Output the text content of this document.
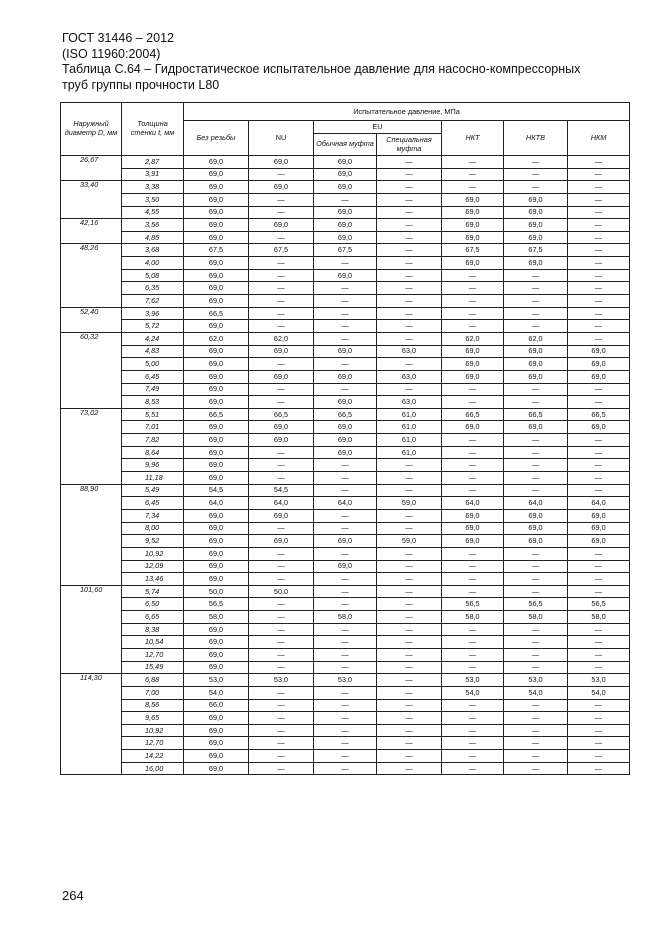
ГОСТ 31446 – 2012
(ISO 11960:2004)
Таблица С.64 – Гидростатическое испытательное давление для насосно-компрессорных
труб группы прочности L80
Наружный диаметр D, мм	Толщина стенки t, мм	Испытательное давление, МПа						
		Без резьбы	NU	EU		НКТ	НКТВ	НКМ
				Обычная муфта	Специальная муфта			
26,67	2,87	69,0	69,0	69,0	—	—	—	—
	3,91	69,0	—	69,0	—	—	—	—
33,40	3,38	69,0	69,0	69,0	—	—	—	—
	3,50	69,0	—	—	—	69,0	69,0	—
	4,55	69,0	—	69,0	—	69,0	69,0	—
42,16	3,56	69,0	69,0	69,0	—	69,0	69,0	—
	4,85	69,0	—	69,0	—	69,0	69,0	—
48,26	3,68	67,5	67,5	67,5	—	67,5	67,5	—
	4,00	69,0	—	—	—	69,0	69,0	—
	5,08	69,0	—	69,0	—	—	—	—
	6,35	69,0	—	—	—	—	—	—
	7,62	69,0	—	—	—	—	—	—
52,40	3,96	66,5	—	—	—	—	—	—
	5,72	69,0	—	—	—	—	—	—
60,32	4,24	62,0	62,0	—	—	62,0	62,0	—
	4,83	69,0	69,0	69,0	63,0	69,0	69,0	69,0
	5,00	69,0	—	—	—	69,0	69,0	69,0
	6,45	69,0	69,0	69,0	63,0	69,0	69,0	69,0
	7,49	69,0	—	—	—	—	—	—
	8,53	69,0	—	69,0	63,0	—	—	—
73,02	5,51	66,5	66,5	66,5	61,0	66,5	66,5	66,5
	7,01	69,0	69,0	69,0	61,0	69,0	69,0	69,0
	7,82	69,0	69,0	69,0	61,0	—	—	—
	8,64	69,0	—	69,0	61,0	—	—	—
	9,96	69,0	—	—	—	—	—	—
	11,18	69,0	—	—	—	—	—	—
88,90	5,49	54,5	54,5	—	—	—	—	—
	6,45	64,0	64,0	64,0	59,0	64,0	64,0	64,0
	7,34	69,0	69,0	—	—	69,0	69,0	69,0
	8,00	69,0	—	—	—	69,0	69,0	69,0
	9,52	69,0	69,0	69,0	59,0	69,0	69,0	69,0
	10,92	69,0	—	—	—	—	—	—
	12,09	69,0	—	69,0	—	—	—	—
	13,46	69,0	—	—	—	—	—	—
101,60	5,74	50,0	50,0	—	—	—	—	—
	6,50	56,5	—	—	—	56,5	56,5	56,5
	6,65	58,0	—	58,0	—	58,0	58,0	58,0
	8,38	69,0	—	—	—	—	—	—
	10,54	69,0	—	—	—	—	—	—
	12,70	69,0	—	—	—	—	—	—
	15,49	69,0	—	—	—	—	—	—
114,30	6,88	53,0	53,0	53,0	—	53,0	53,0	53,0
	7,00	54,0	—	—	—	54,0	54,0	54,0
	8,56	66,0	—	—	—	—	—	—
	9,65	69,0	—	—	—	—	—	—
	10,92	69,0	—	—	—	—	—	—
	12,70	69,0	—	—	—	—	—	—
	14,22	69,0	—	—	—	—	—	—
	16,00	69,0	—	—	—	—	—	—
264
